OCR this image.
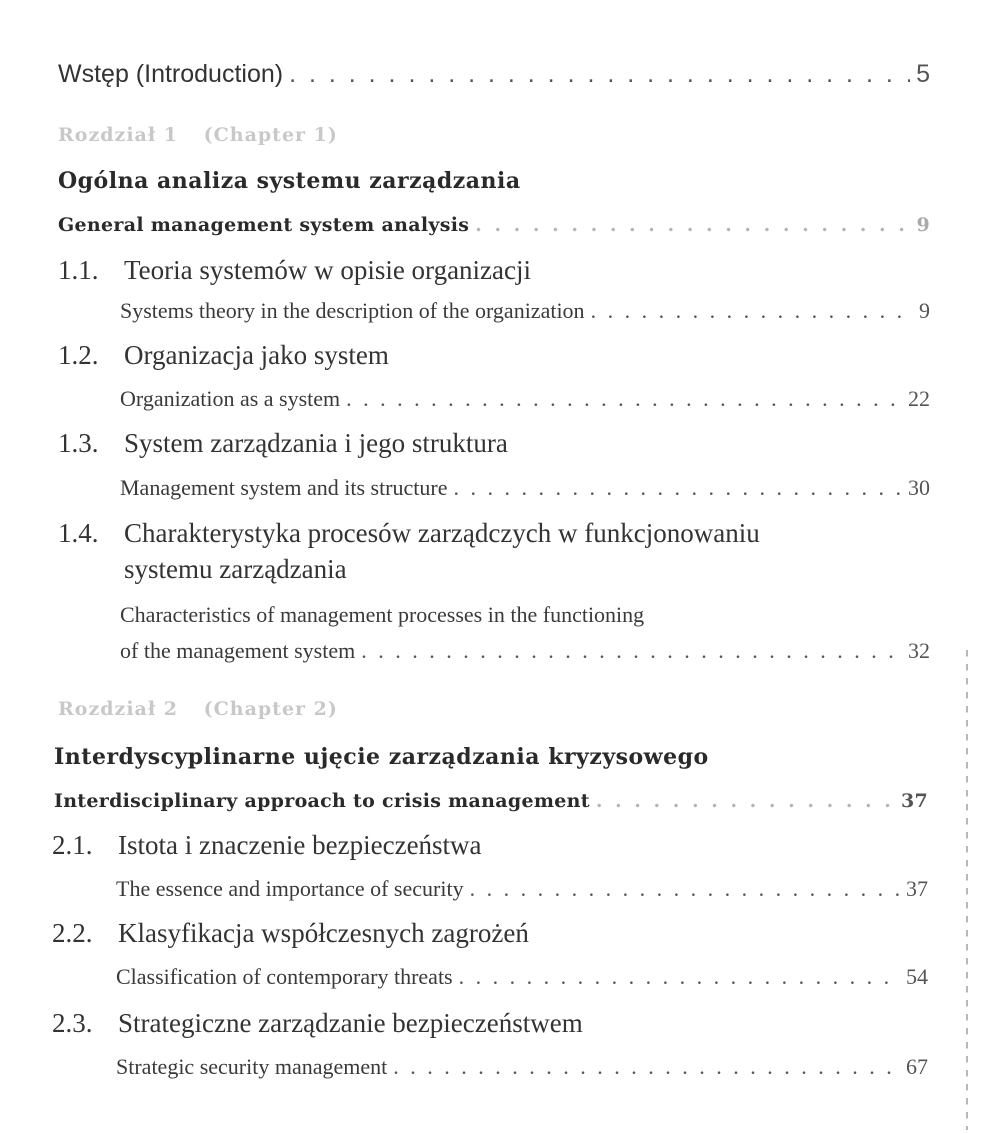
Wstęp (Introduction) . . .	5
Rozdział 1 (Chapter 1)
Ogólna analiza systemu zarządzania
General management system analysis . . .	9
1.1. Teoria systemów w opisie organizacji
Systems theory in the description of the organization . . .	9
1.2. Organizacja jako system
Organization as a system . . .	22
1.3. System zarządzania i jego struktura
Management system and its structure . . .	30
1.4. Charakterystyka procesów zarządczych w funkcjonowaniu
systemu zarządzania
Characteristics of management processes in the functioning
of the management system . . .	32
Rozdział 2 (Chapter 2)
Interdyscyplinarne ujęcie zarządzania kryzysowego
Interdisciplinary approach to crisis management . . .	37
2.1. Istota i znaczenie bezpieczeństwa
The essence and importance of security . . .	37
2.2. Klasyfikacja współczesnych zagrożeń
Classification of contemporary threats . . .	54
2.3. Strategiczne zarządzanie bezpieczeństwem
Strategic security management . . .	67
